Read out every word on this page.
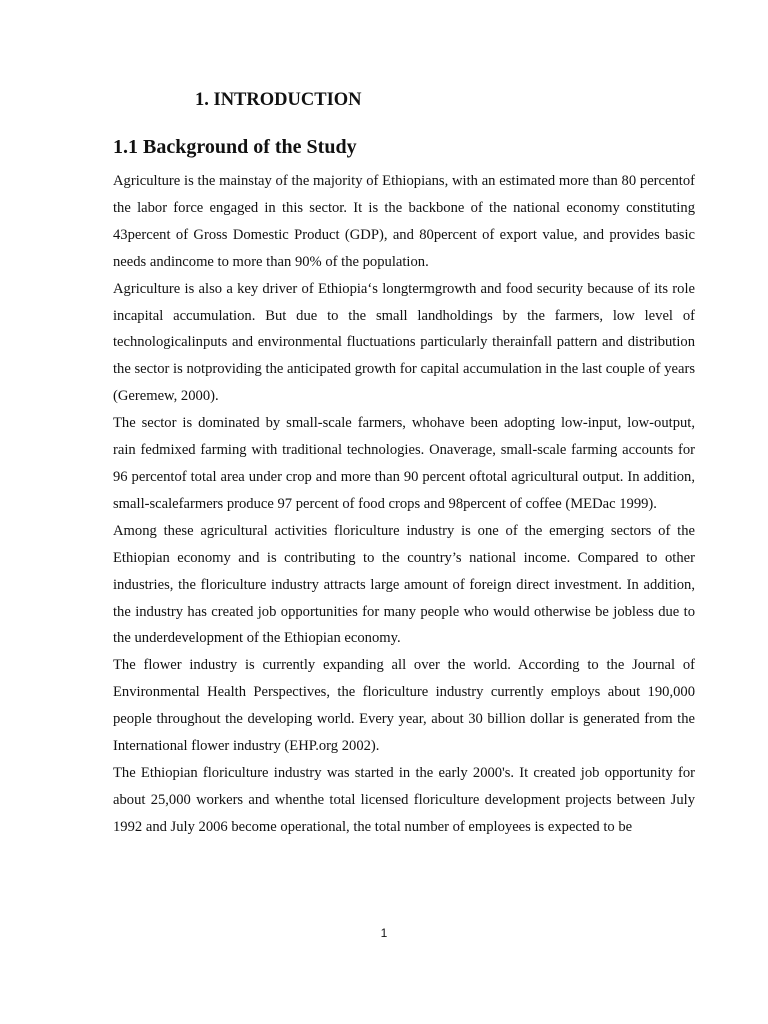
1. INTRODUCTION
1.1 Background of the Study

Agriculture is the mainstay of the majority of Ethiopians, with an estimated more than 80 percentof the labor force engaged in this sector. It is the backbone of the national economy constituting 43percent of Gross Domestic Product (GDP), and 80percent of export value, and provides basic needs andincome to more than 90% of the population.

Agriculture is also a key driver of Ethiopia‘s longtermgrowth and food security because of its role incapital accumulation. But due to the small landholdings by the farmers, low level of technologicalinputs and environmental fluctuations particularly therainfall pattern and distribution the sector is notproviding the anticipated growth for capital accumulation in the last couple of years (Geremew, 2000).

The sector is dominated by small-scale farmers, whohave been adopting low-input, low-output, rain fedmixed farming with traditional technologies. Onaverage, small-scale farming accounts for 96 percentof total area under crop and more than 90 percent oftotal agricultural output. In addition, small-scalefarmers produce 97 percent of food crops and 98percent of coffee (MEDac 1999).

Among these agricultural activities floriculture industry is one of the emerging sectors of the Ethiopian economy and is contributing to the country’s national income. Compared to other industries, the floriculture industry attracts large amount of foreign direct investment. In addition, the industry has created job opportunities for many people who would otherwise be jobless due to the underdevelopment of the Ethiopian economy.

The flower industry is currently expanding all over the world. According to the Journal of Environmental Health Perspectives, the floriculture industry currently employs about 190,000 people throughout the developing world. Every year, about 30 billion dollar is generated from the International flower industry (EHP.org 2002).

The Ethiopian floriculture industry was started in the early 2000's. It created job opportunity for about 25,000 workers and whenthe total licensed floriculture development projects between July 1992 and July 2006 become operational, the total number of employees is expected to be

1
